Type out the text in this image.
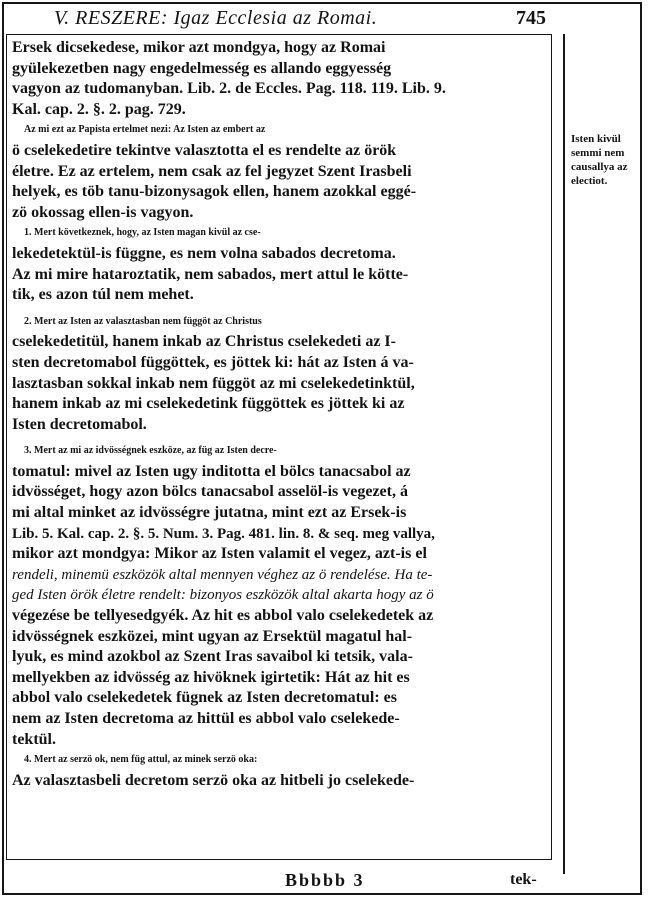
V. RESZERE: Igaz Ecclesia az Romai.	745
Ersek dicsekedese, mikor azt mondgya, hogy az Romai
gyülekezetben nagy engedelmesség es allando eggyesség
vagyon az tudomanyban. Lib. 2. de Eccles. Pag. 118. 119. Lib. 9.
Kal. cap. 2. §. 2. pag. 729.
Az mi ezt az Papista ertelmet nezi: Az Isten az embert az
ö cselekedetire tekintve valasztotta el es rendelte az örök
életre. Ez az ertelem, nem csak az fel jegyzet Szent Irasbeli
helyek, es töb tanu-bizonysagok ellen, hanem azokkal eggé-
zö okossag ellen-is vagyon.
1. Mert következnek, hogy, az Isten magan kivül az cse-
lekedetektül-is függne, es nem volna sabados decretoma.
Az mi mire hataroztatik, nem sabados, mert attul le kötte-
tik, es azon túl nem mehet.
2. Mert az Isten az valasztasban nem függöt az Christus
cselekedetitül, hanem inkab az Christus cselekedeti az I-
sten decretomabol függöttek, es jöttek ki: hát az Isten á va-
lasztasban sokkal inkab nem függöt az mi cselekedetinktül,
hanem inkab az mi cselekedetink függöttek es jöttek ki az
Isten decretomabol.
3. Mert az mi az idvösségnek eszköze, az füg az Isten decre-
tomatul: mivel az Isten ugy inditotta el bölcs tanacsabol az
idvösséget, hogy azon bölcs tanacsabol asselöl-is vegezet, á
mi altal minket az idvösségre jutatna, mint ezt az Ersek-is
Lib. 5. Kal. cap. 2. §. 5. Num. 3. Pag. 481. lin. 8. & seq. meg vallya,
mikor azt mondgya: Mikor az Isten valamit el vegez, azt-is el
rendeli, minemü eszközök altal mennyen véghez az ö rendelése. Ha te-
ged Isten örök életre rendelt: bizonyos eszközök altal akarta hogy az ö
végezése be tellyesedgyék. Az hit es abbol valo cselekedetek az
idvösségnek eszközei, mint ugyan az Ersektül magatul hal-
lyuk, es mind azokbol az Szent Iras savaibol ki tetsik, vala-
mellyekben az idvösség az hivöknek igirtetik: Hát az hit es
abbol valo cselekedetek fügnek az Isten decretomatul: es
nem az Isten decretoma az hittül es abbol valo cselekede-
tektül.
4. Mert az serzö ok, nem füg attul, az minek serzö oka:
Az valasztasbeli decretom serzö oka az hitbeli jo cselekede-
Isten kivül
semmi nem
causallya az
electiot.
Bbbbb 3	tek-
